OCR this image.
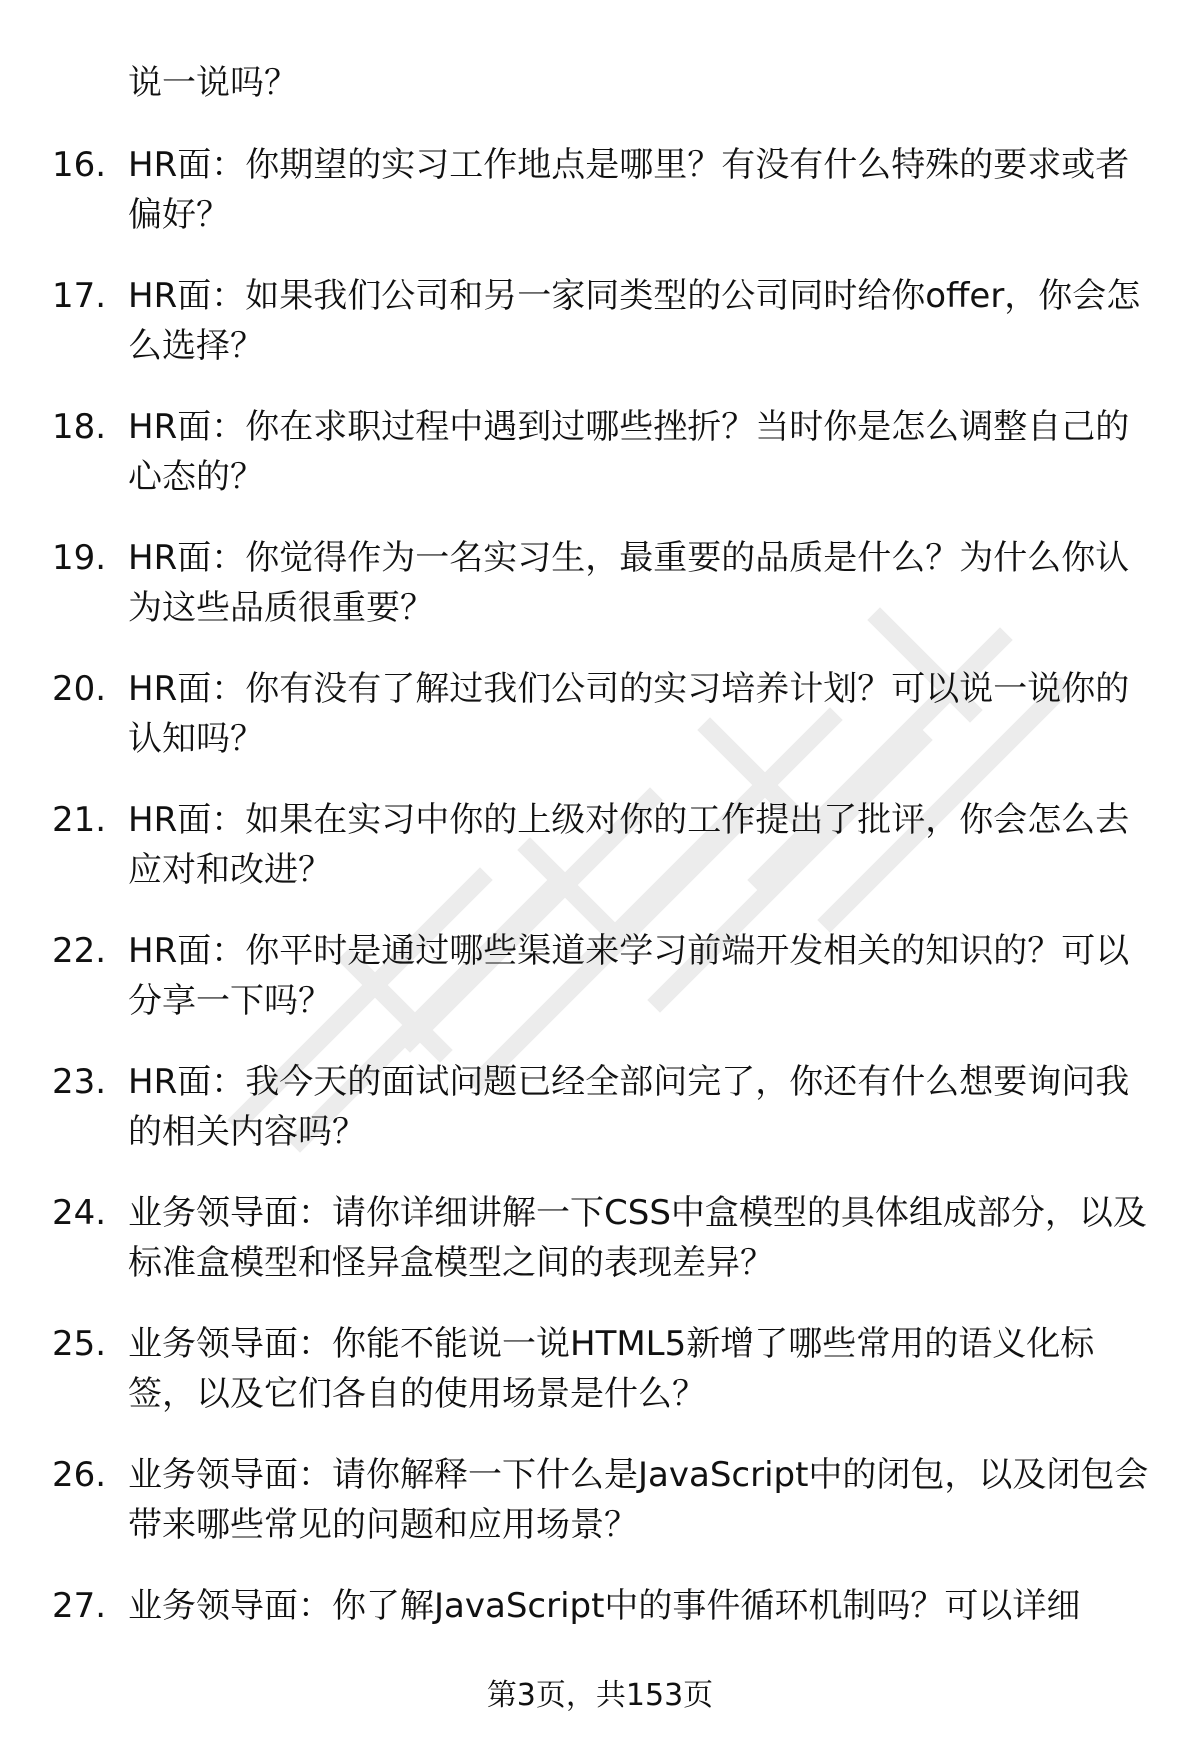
说一说吗？
16. HR面：你期望的实习工作地点是哪里？有没有什么特殊的要求或者偏好？
17. HR面：如果我们公司和另一家同类型的公司同时给你offer，你会怎么选择？
18. HR面：你在求职过程中遇到过哪些挫折？当时你是怎么调整自己的心态的？
19. HR面：你觉得作为一名实习生，最重要的品质是什么？为什么你认为这些品质很重要？
20. HR面：你有没有了解过我们公司的实习培养计划？可以说一说你的认知吗？
21. HR面：如果在实习中你的上级对你的工作提出了批评，你会怎么去应对和改进？
22. HR面：你平时是通过哪些渠道来学习前端开发相关的知识的？可以分享一下吗？
23. HR面：我今天的面试问题已经全部问完了，你还有什么想要询问我的相关内容吗？
24. 业务领导面：请你详细讲解一下CSS中盒模型的具体组成部分，以及标准盒模型和怪异盒模型之间的表现差异？
25. 业务领导面：你能不能说一说HTML5新增了哪些常用的语义化标签，以及它们各自的使用场景是什么？
26. 业务领导面：请你解释一下什么是JavaScript中的闭包，以及闭包会带来哪些常见的问题和应用场景？
27. 业务领导面：你了解JavaScript中的事件循环机制吗？可以详细
第3页，共153页
